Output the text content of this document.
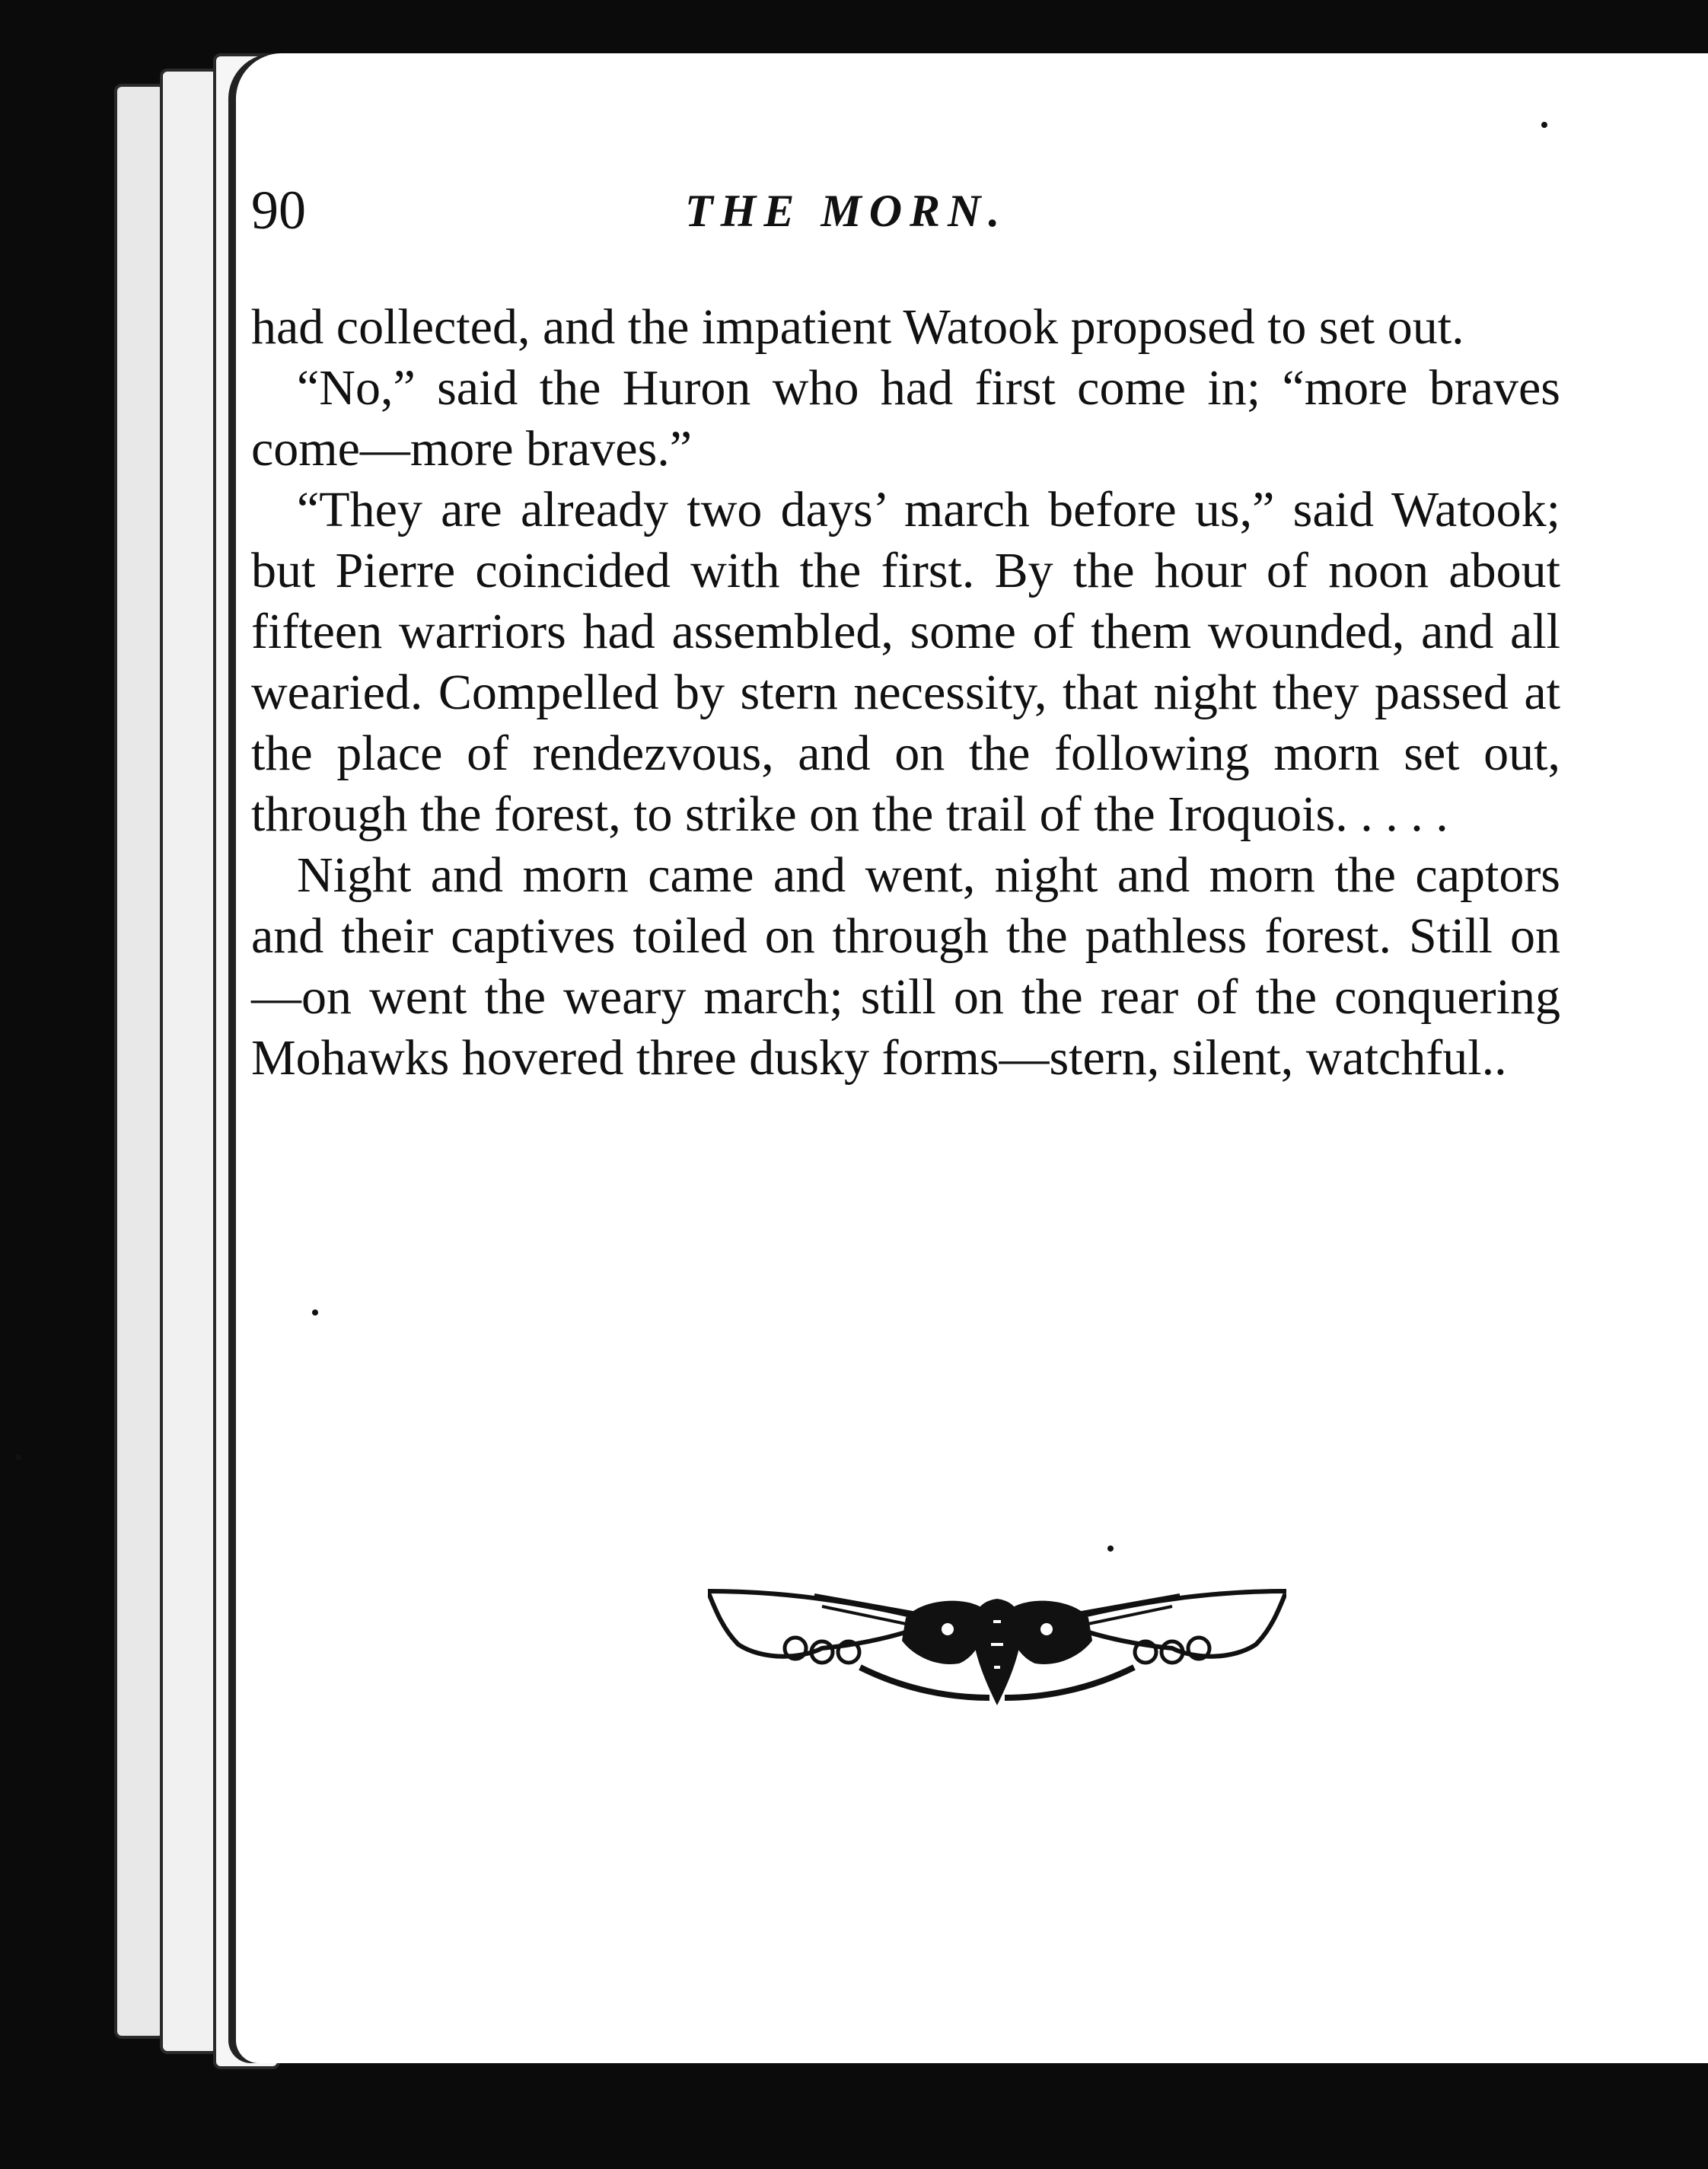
90	THE MORN.

had collected, and the impatient Watook proposed to set out.

“No,” said the Huron who had first come in; “more braves come—more braves.”

“They are already two days’ march before us,” said Watook; but Pierre coincided with the first. By the hour of noon about fifteen warriors had assembled, some of them wounded, and all wearied. Compelled by stern necessity, that night they passed at the place of rendezvous, and on the following morn set out, through the forest, to strike on the trail of the Iroquois. . . . .

Night and morn came and went, night and morn the captors and their captives toiled on through the pathless forest. Still on—on went the weary march; still on the rear of the conquering Mohawks hovered three dusky forms—stern, silent, watchful..
